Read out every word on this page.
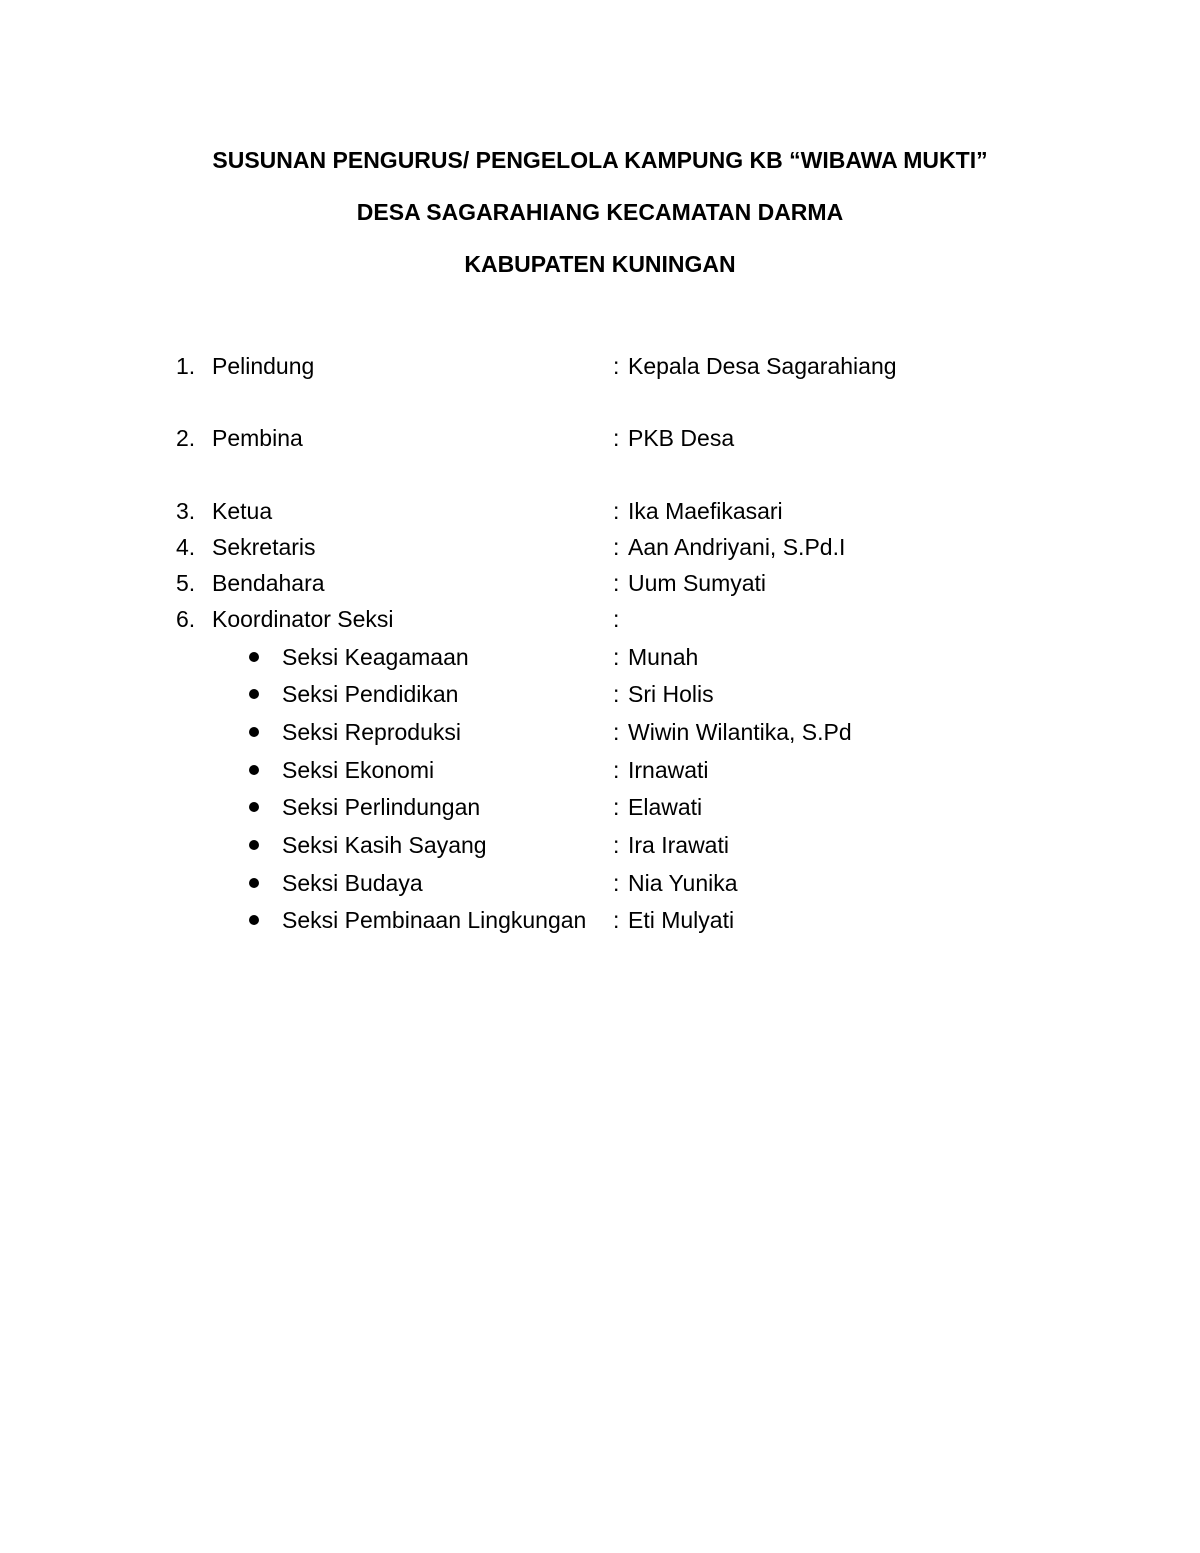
SUSUNAN PENGURUS/ PENGELOLA KAMPUNG KB “WIBAWA MUKTI”
DESA SAGARAHIANG KECAMATAN DARMA
KABUPATEN KUNINGAN
1. Pelindung	: Kepala Desa Sagarahiang
2. Pembina	: PKB Desa
3. Ketua	: Ika Maefikasari
4. Sekretaris	: Aan Andriyani, S.Pd.I
5. Bendahara	: Uum Sumyati
6. Koordinator Seksi	:
Seksi Keagamaan	: Munah
Seksi Pendidikan	: Sri Holis
Seksi Reproduksi	: Wiwin Wilantika, S.Pd
Seksi Ekonomi	: Irnawati
Seksi Perlindungan	: Elawati
Seksi Kasih Sayang	: Ira Irawati
Seksi Budaya	: Nia Yunika
Seksi Pembinaan Lingkungan : Eti Mulyati
